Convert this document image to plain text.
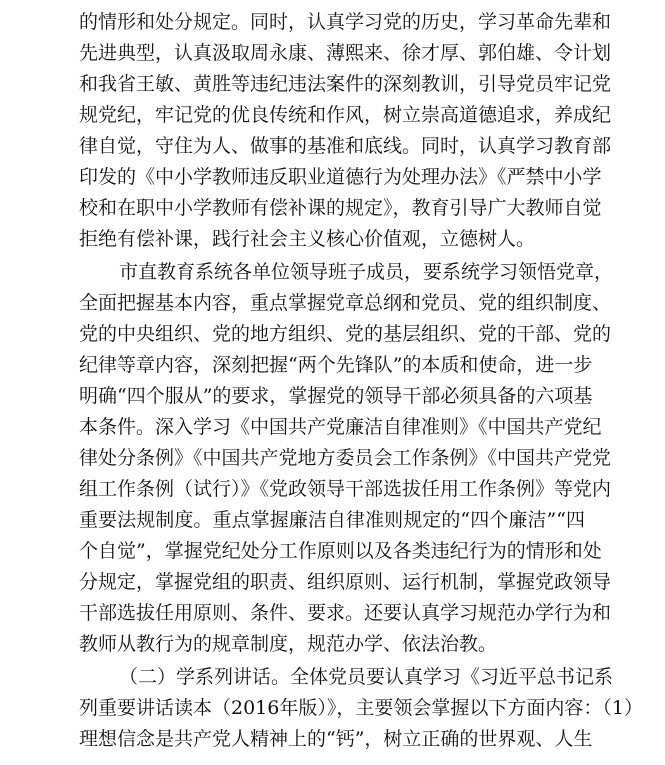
的情形和处分规定。同时，认真学习党的历史，学习革命先辈和
先进典型，认真汲取周永康、薄熙来、徐才厚、郭伯雄、令计划
和我省王敏、黄胜等违纪违法案件的深刻教训，引导党员牢记党
规党纪，牢记党的优良传统和作风，树立崇高道德追求，养成纪
律自觉，守住为人、做事的基准和底线。同时，认真学习教育部
印发的《中小学教师违反职业道德行为处理办法》《严禁中小学
校和在职中小学教师有偿补课的规定》，教育引导广大教师自觉
拒绝有偿补课，践行社会主义核心价值观，立德树人。
市直教育系统各单位领导班子成员，要系统学习领悟党章，
全面把握基本内容，重点掌握党章总纲和党员、党的组织制度、
党的中央组织、党的地方组织、党的基层组织、党的干部、党的
纪律等章内容，深刻把握“两个先锋队”的本质和使命，进一步
明确“四个服从”的要求，掌握党的领导干部必须具备的六项基
本条件。深入学习《中国共产党廉洁自律准则》《中国共产党纪
律处分条例》《中国共产党地方委员会工作条例》《中国共产党党
组工作条例（试行）》《党政领导干部选拔任用工作条例》等党内
重要法规制度。重点掌握廉洁自律准则规定的“四个廉洁”“四
个自觉”，掌握党纪处分工作原则以及各类违纪行为的情形和处
分规定，掌握党组的职责、组织原则、运行机制，掌握党政领导
干部选拔任用原则、条件、要求。还要认真学习规范办学行为和
教师从教行为的规章制度，规范办学、依法治教。
（二）学系列讲话。全体党员要认真学习《习近平总书记系
列重要讲话读本（2016年版）》，主要领会掌握以下方面内容：（1）
理想信念是共产党人精神上的“钙”，树立正确的世界观、人生
